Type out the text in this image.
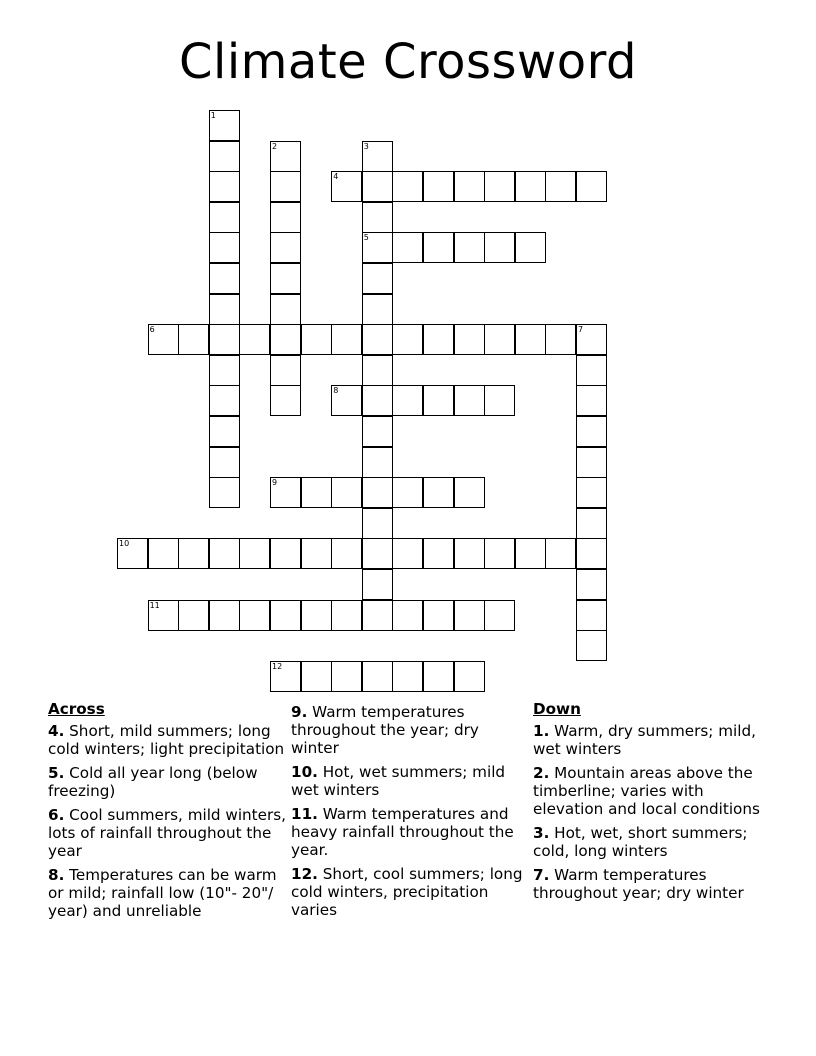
Climate Crossword
1
2	3
4
5
6	7
8
9
10
11
12
Across
4. Short, mild summers; long cold winters; light precipitation
5. Cold all year long (below freezing)
6. Cool summers, mild winters, lots of rainfall throughout the year
8. Temperatures can be warm or mild; rainfall low (10"- 20"/ year) and unreliable
9. Warm temperatures throughout the year; dry winter
10. Hot, wet summers; mild wet winters
11. Warm temperatures and heavy rainfall throughout the year.
12. Short, cool summers; long cold winters, precipitation varies
Down
1. Warm, dry summers; mild, wet winters
2. Mountain areas above the timberline; varies with elevation and local conditions
3. Hot, wet, short summers; cold, long winters
7. Warm temperatures throughout year; dry winter
